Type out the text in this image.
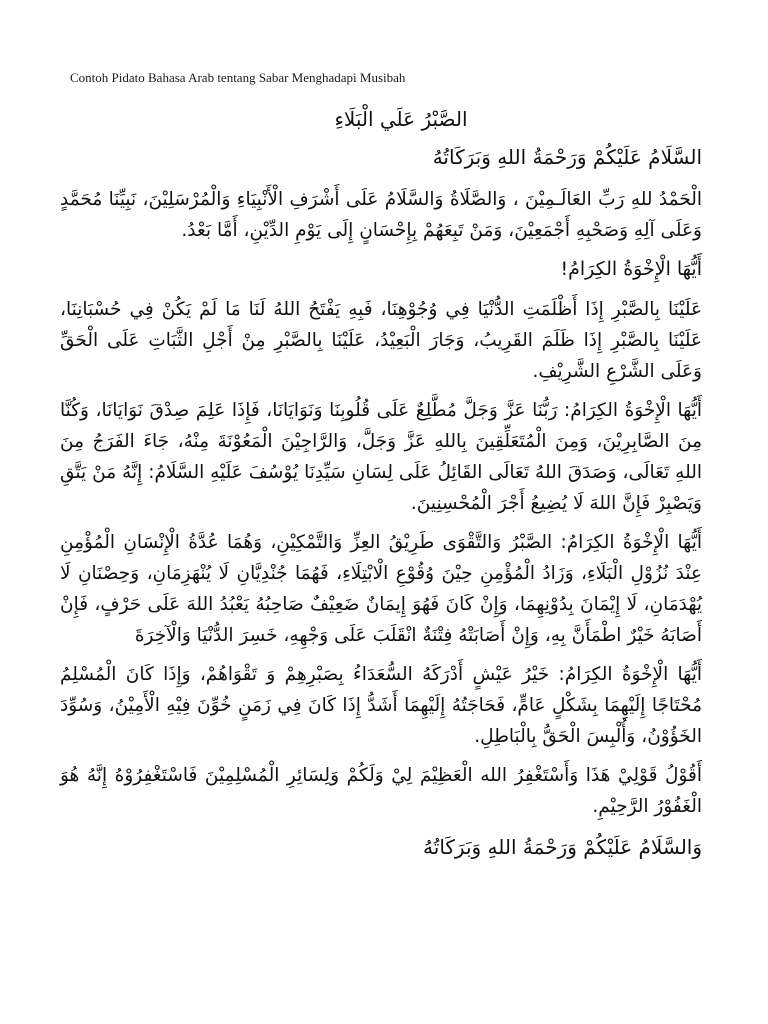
Contoh Pidato Bahasa Arab tentang Sabar Menghadapi Musibah
الصَّبْرُ عَلَي الْبَلَاءِ
السَّلَامُ عَلَيْكُمْ وَرَحْمَةُ اللهِ وَبَرَكَاتُهُ

الْحَمْدُ للهِ رَبِّ العَالَـمِيْنَ ، وَالصَّلَاةُ وَالسَّلَامُ عَلَى أَشْرَفِ الْأَنْبِيَاءِ وَالْمُرْسَلِيْنَ، نَبِيِّنَا مُحَمَّدٍ وَعَلَى آلِهِ وَصَحْبِهِ أَجْمَعِيْنَ، وَمَنْ تَبِعَهُمْ بِإِحْسَانٍ إِلَى يَوْمِ الدِّيْنِ، أَمَّا بَعْدُ.

أَيُّهَا الْإِخْوَةُ الكِرَامُ!

عَلَيْنَا بِالصَّبْرِ إِذَا أَظْلَمَتِ الدُّنْيَا فِي وُجُوْهِنَا، فَبِهِ يَفْتَحُ اللهُ لَنَا مَا لَمْ يَكُنْ فِي حُسْبَانِنَا، عَلَيْنَا بِالصَّبْرِ إِذَا ظَلَمَ القَرِيبُ، وَجَارَ الْبَعِيْدُ، عَلَيْنَا بِالصَّبْرِ مِنْ أَجْلِ الثَّبَاتِ عَلَى الْحَقِّ وَعَلَى الشَّرْعِ الشَّرِيْفِ.

أَيُّهَا الْإِخْوَةُ الكِرَامُ: رَبُّنَا عَزَّ وَجَلَّ مُطَّلِعٌ عَلَى قُلُوبِنَا وَنَوَايَانَا، فَإِذَا عَلِمَ صِدْقَ نَوَايَانَا، وَكُنَّا مِنَ الصَّابِرِيْنَ، وَمِنَ الْمُتَعَلِّقِينَ بِاللهِ عَزَّ وَجَلَّ، وَالرَّاجِيْنَ الْمَعُوْنَةَ مِنْهُ، جَاءَ الفَرَجُ مِنَ اللهِ تَعَالَى، وَصَدَقَ اللهُ تَعَالَى القَائِلُ عَلَى لِسَانِ سَيِّدِنَا يُوْسُفَ عَلَيْهِ السَّلَامُ: إِنَّهُ مَنْ يَتَّقِ وَيَصْبِرْ فَإِنَّ اللهَ لَا يُضِيعُ أَجْرَ الْمُحْسِنِينَ.

أَيُّهَا الْإِخْوَةُ الكِرَامُ: الصَّبْرُ وَالتَّقْوَى طَرِيْقُ العِزِّ وَالتَّمْكِيْنِ، وَهُمَا عُدَّةُ الْإِنْسَانِ الْمُؤْمِنِ عِنْدَ نُزُوْلِ الْبَلَاءِ، وَزَادُ الْمُؤْمِنِ حِيْنَ وُقُوْعِ الْابْتِلَاءِ، فَهُمَا جُنْدِيَّانِ لَا يُنْهَزِمَانِ، وَحِصْنَانِ لَا يُهْدَمَانِ، لَا إِيْمَانَ بِدُوْنِهِمَا، وَإِنْ كَانَ فَهُوَ إِيمَانٌ ضَعِيْفٌ صَاحِبُهُ يَعْبُدُ اللهَ عَلَى حَرْفٍ، فَإِنْ أَصَابَهُ خَيْرٌ اطْمَأَنَّ بِهِ، وَإِنْ أَصَابَتْهُ فِتْنَةٌ انْقَلَبَ عَلَى وَجْهِهِ، خَسِرَ الدُّنْيَا وَالْآخِرَةَ

أَيُّهَا الْإِخْوَةُ الكِرَامُ: خَيْرُ عَيْشٍ أَدْرَكَهُ السُّعَدَاءُ بِصَبْرِهِمْ وَ تَقْوَاهُمْ، وَإِذَا كَانَ الْمُسْلِمُ مُحْتَاجًا إِلَيْهِمَا بِشَكْلٍ عَامٍّ، فَحَاجَتُهُ إِلَيْهِمَا أَشَدُّ إِذَا كَانَ فِي زَمَنٍ خُوِّنَ فِيْهِ الْأَمِيْنُ، وَسُوِّدَ الخَؤُوْنُ، وَأُلْبِسَ الْحَقُّ بِالْبَاطِلِ.

أَقُوْلُ قَوْلِيْ هَذَا وَأَسْتَغْفِرُ الله الْعَظِيْمَ لِيْ وَلَكُمْ وَلِسَائِرِ الْمُسْلِمِيْنَ فَاسْتَغْفِرُوْهُ إِنَّهُ هُوَ الْغَفُوْرُ الرَّحِيْمِ.

وَالسَّلَامُ عَلَيْكُمْ وَرَحْمَةُ اللهِ وَبَرَكَاتُهُ
